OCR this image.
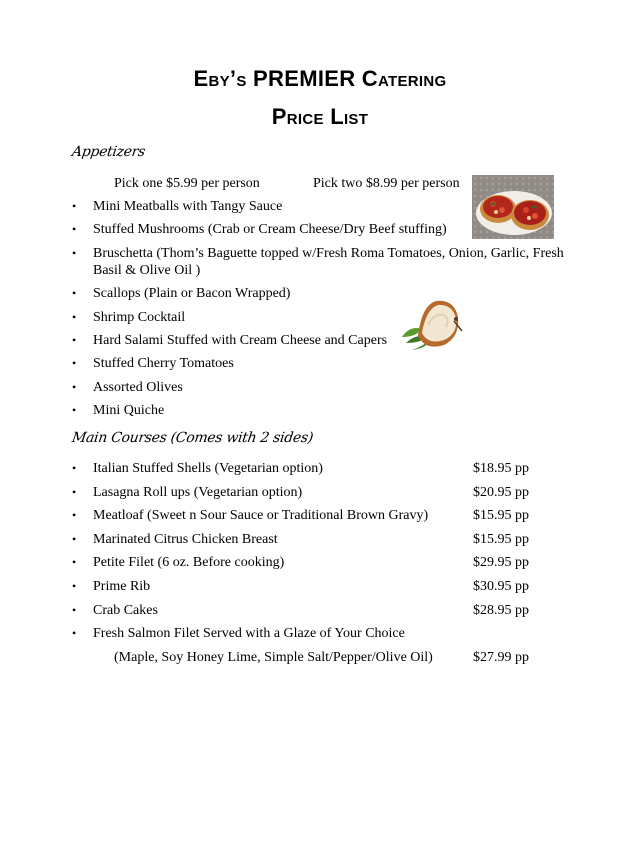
Eby’s PREMIER Catering
Price List
Appetizers
Pick one $5.99 per person	Pick two $8.99 per person
• Mini Meatballs with Tangy Sauce
• Stuffed Mushrooms (Crab or Cream Cheese/Dry Beef stuffing)
• Bruschetta (Thom’s Baguette topped w/Fresh Roma Tomatoes, Onion, Garlic, Fresh Basil & Olive Oil )
• Scallops (Plain or Bacon Wrapped)
• Shrimp Cocktail
• Hard Salami Stuffed with Cream Cheese and Capers
• Stuffed Cherry Tomatoes
• Assorted Olives
• Mini Quiche
Main Courses (Comes with 2 sides)
• Italian Stuffed Shells (Vegetarian option)	$18.95 pp
• Lasagna Roll ups (Vegetarian option)	$20.95 pp
• Meatloaf (Sweet n Sour Sauce or Traditional Brown Gravy)	$15.95 pp
• Marinated Citrus Chicken Breast	$15.95 pp
• Petite Filet (6 oz. Before cooking)	$29.95 pp
• Prime Rib	$30.95 pp
• Crab Cakes	$28.95 pp
• Fresh Salmon Filet Served with a Glaze of Your Choice
(Maple, Soy Honey Lime, Simple Salt/Pepper/Olive Oil)	$27.99 pp
